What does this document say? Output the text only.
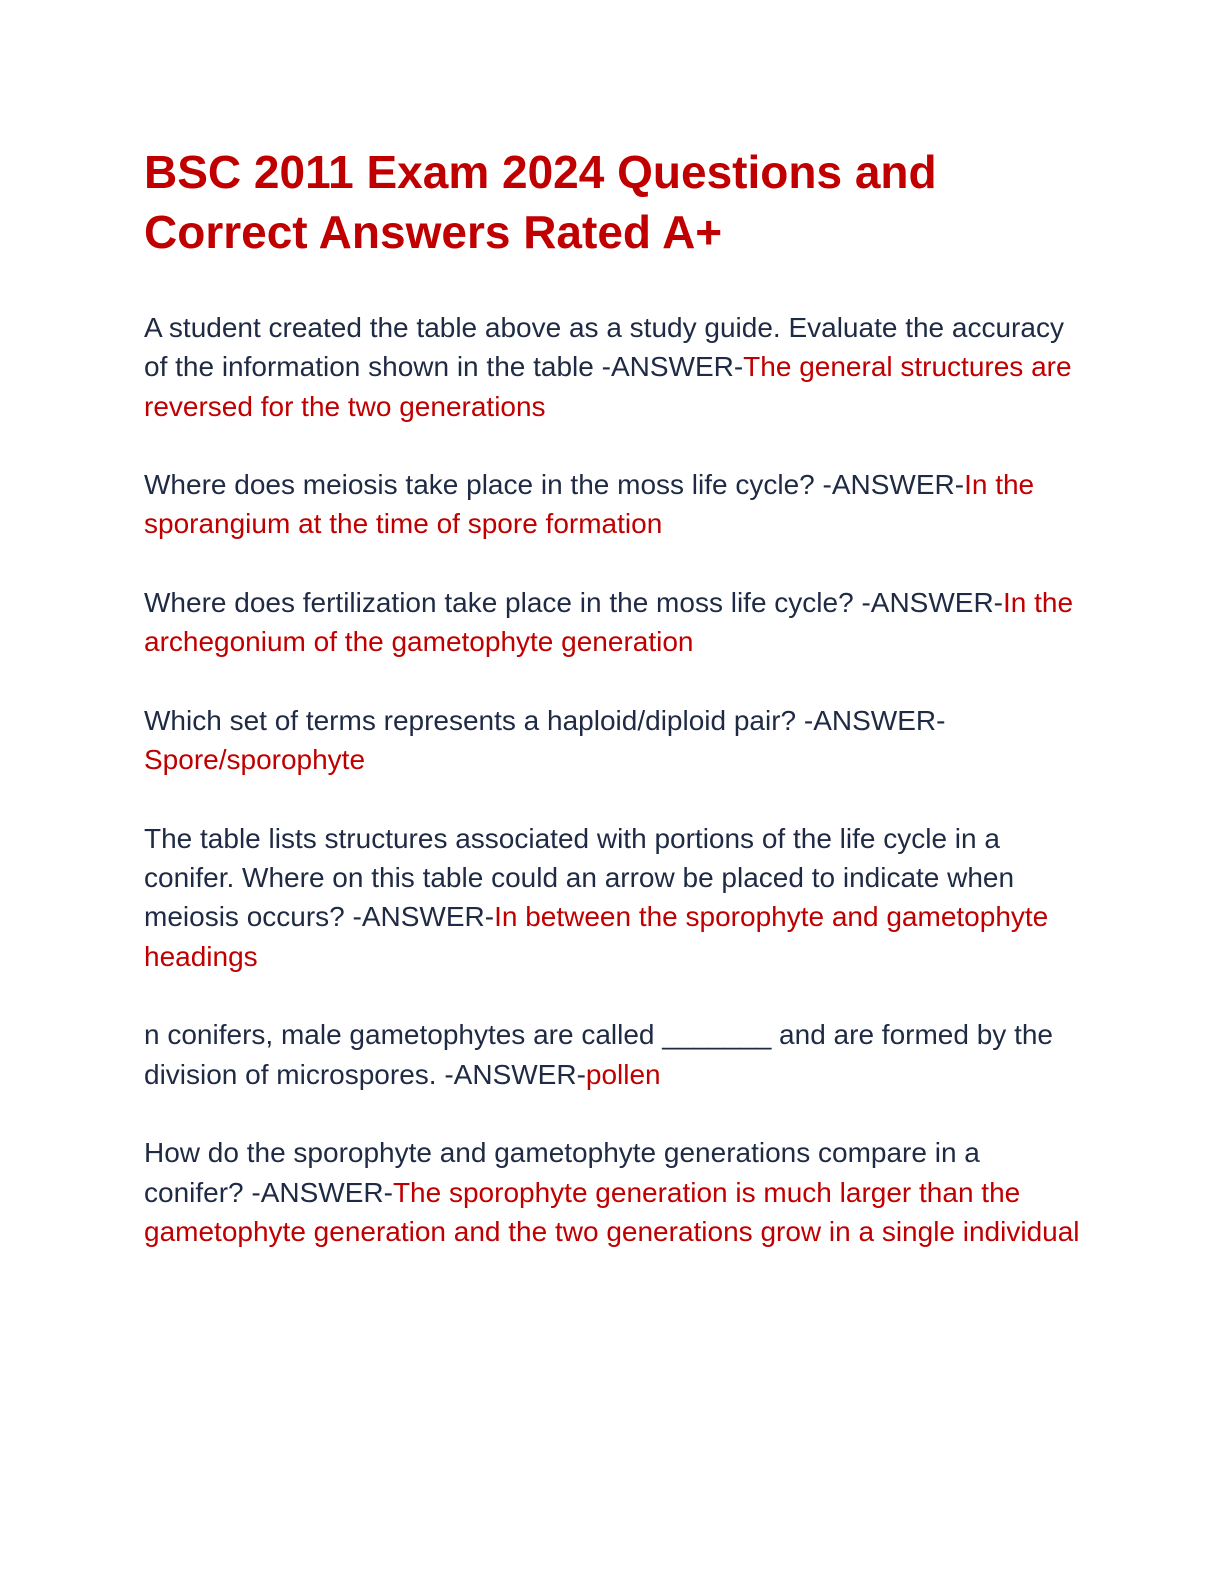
BSC 2011 Exam 2024 Questions and Correct Answers Rated A+

A student created the table above as a study guide. Evaluate the accuracy of the information shown in the table -ANSWER-The general structures are reversed for the two generations

Where does meiosis take place in the moss life cycle? -ANSWER-In the sporangium at the time of spore formation

Where does fertilization take place in the moss life cycle? -ANSWER-In the archegonium of the gametophyte generation

Which set of terms represents a haploid/diploid pair? -ANSWER-Spore/sporophyte

The table lists structures associated with portions of the life cycle in a conifer. Where on this table could an arrow be placed to indicate when meiosis occurs? -ANSWER-In between the sporophyte and gametophyte headings

n conifers, male gametophytes are called _______ and are formed by the division of microspores. -ANSWER-pollen

How do the sporophyte and gametophyte generations compare in a conifer? -ANSWER-The sporophyte generation is much larger than the gametophyte generation and the two generations grow in a single individual
